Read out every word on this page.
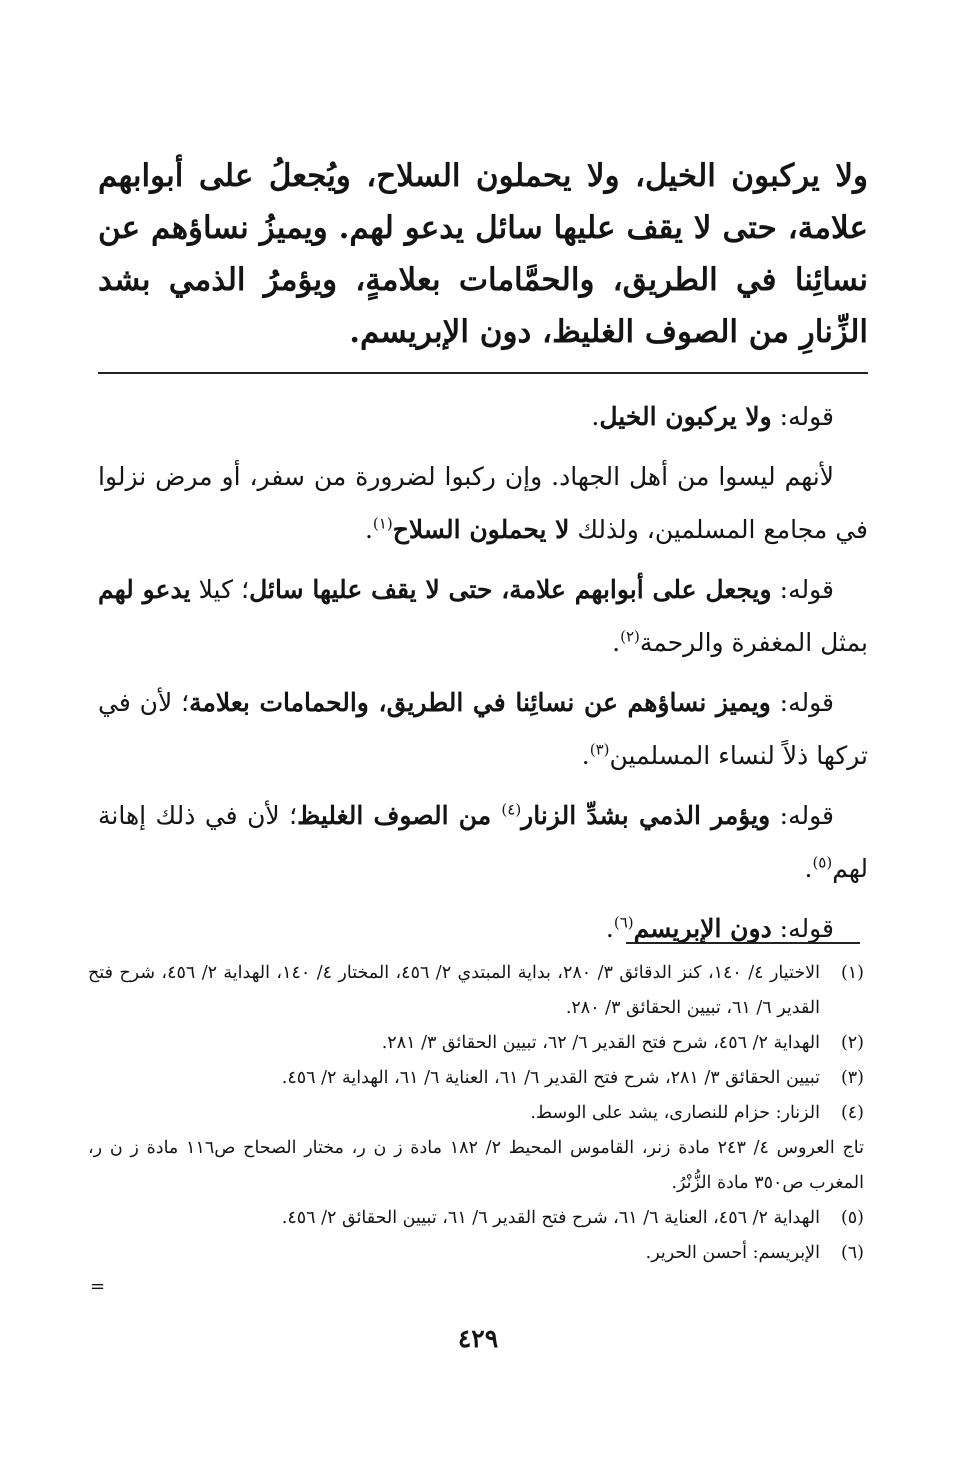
ولا يركبون الخيل، ولا يحملون السلاح، ويُجعلُ على أبوابهم علامة، حتى لا يقف عليها سائل يدعو لهم. ويميزُ نساؤهم عن نسائِنا في الطريق، والحمَّامات بعلامةٍ، ويؤمرُ الذمي بشد الزِّنارِ من الصوف الغليظ، دون الإبريسم.

قوله: ولا يركبون الخيل.

لأنهم ليسوا من أهل الجهاد. وإن ركبوا لضرورة من سفر، أو مرض نزلوا في مجامع المسلمين، ولذلك لا يحملون السلاح$^{(١)}$.

قوله: ويجعل على أبوابهم علامة، حتى لا يقف عليها سائل؛ كيلا يدعو لهم بمثل المغفرة والرحمة$^{(٢)}$.

قوله: ويميز نساؤهم عن نسائِنا في الطريق، والحمامات بعلامة؛ لأن في تركها ذلاً لنساء المسلمين$^{(٣)}$.

قوله: ويؤمر الذمي بشدِّ الزنار$^{(٤)}$ من الصوف الغليظ؛ لأن في ذلك إهانة لهم$^{(٥)}$.

قوله: دون الإبريسم$^{(٦)}$.

(١)
الاختيار ٤/ ١٤٠، كنز الدقائق ٣/ ٢٨٠، بداية المبتدي ٢/ ٤٥٦، المختار ٤/ ١٤٠، الهداية ٢/ ٤٥٦، شرح فتح القدير ٦/ ٦١، تبيين الحقائق ٣/ ٢٨٠.
(٢)
الهداية ٢/ ٤٥٦، شرح فتح القدير ٦/ ٦٢، تبيين الحقائق ٣/ ٢٨١.
(٣)
تبيين الحقائق ٣/ ٢٨١، شرح فتح القدير ٦/ ٦١، العناية ٦/ ٦١، الهداية ٢/ ٤٥٦.
(٤)
الزنار: حزام للنصارى، يشد على الوسط.
تاج العروس ٤/ ٢٤٣ مادة زنر، القاموس المحيط ٢/ ١٨٢ مادة ز ن ر، مختار الصحاح ص١١٦ مادة ز ن ر، المغرب ص٣٥٠ مادة الزُّنْرُ.
(٥)
الهداية ٢/ ٤٥٦، العناية ٦/ ٦١، شرح فتح القدير ٦/ ٦١، تبيين الحقائق ٢/ ٤٥٦.
(٦)
الإبريسم: أحسن الحرير.
=
٤٢٩
